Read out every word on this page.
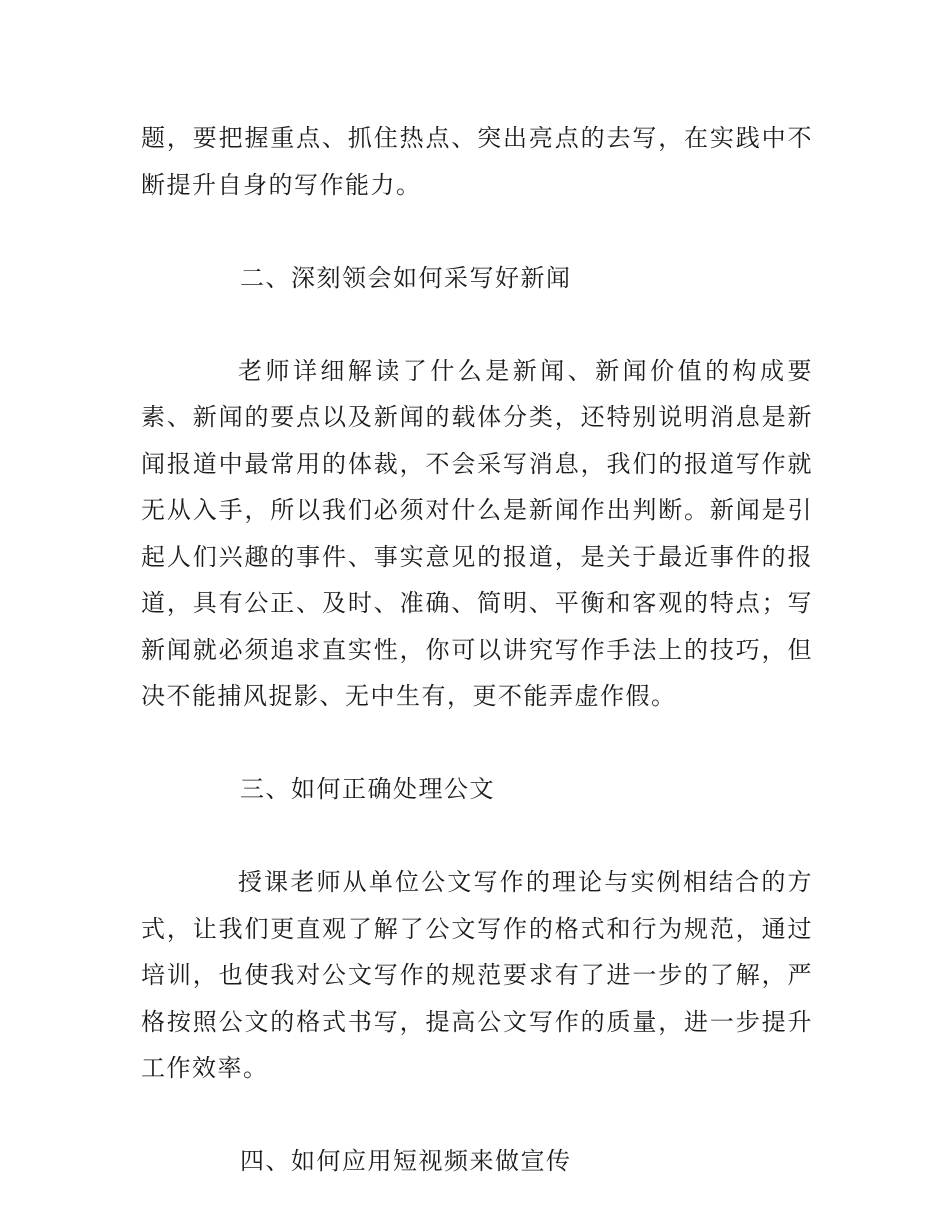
题，要把握重点、抓住热点、突出亮点的去写，在实践中不断提升自身的写作能力。

二、深刻领会如何采写好新闻

老师详细解读了什么是新闻、新闻价值的构成要素、新闻的要点以及新闻的载体分类，还特别说明消息是新闻报道中最常用的体裁，不会采写消息，我们的报道写作就无从入手，所以我们必须对什么是新闻作出判断。新闻是引起人们兴趣的事件、事实意见的报道，是关于最近事件的报道，具有公正、及时、准确、简明、平衡和客观的特点；写新闻就必须追求直实性，你可以讲究写作手法上的技巧，但决不能捕风捉影、无中生有，更不能弄虚作假。

三、如何正确处理公文

授课老师从单位公文写作的理论与实例相结合的方式，让我们更直观了解了公文写作的格式和行为规范，通过培训，也使我对公文写作的规范要求有了进一步的了解，严格按照公文的格式书写，提高公文写作的质量，进一步提升工作效率。

四、如何应用短视频来做宣传
